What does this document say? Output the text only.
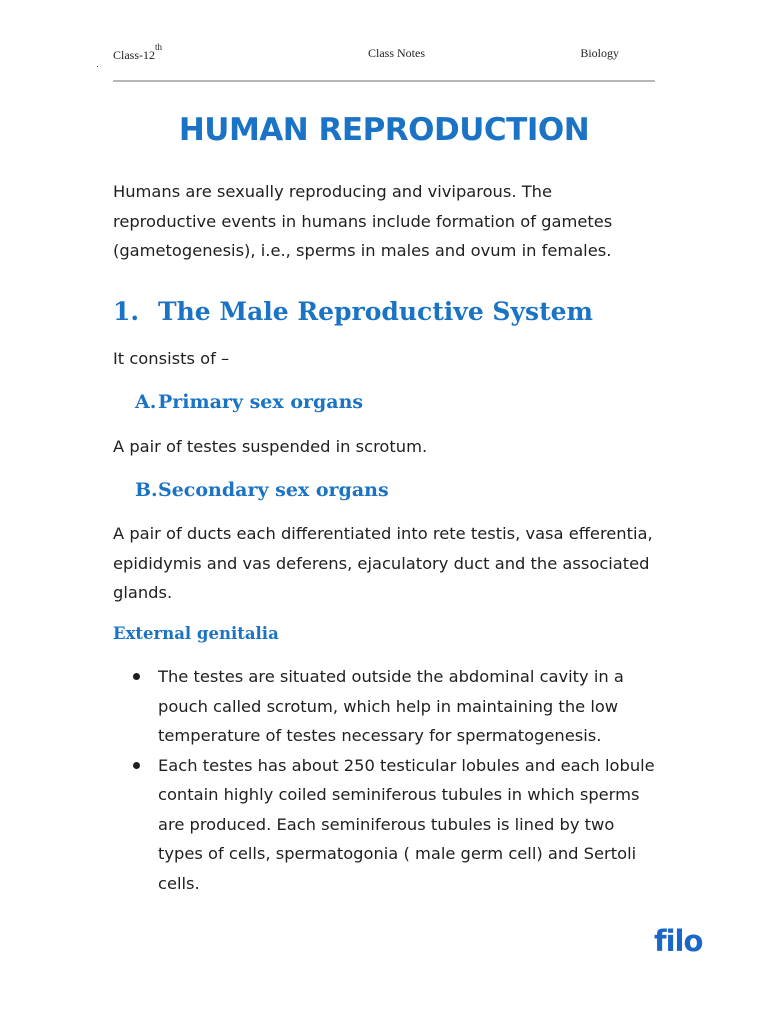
Class-12th	Class Notes	Biology
HUMAN REPRODUCTION
Humans are sexually reproducing and viviparous. The
reproductive events in humans include formation of gametes
(gametogenesis), i.e., sperms in males and ovum in females.
1. The Male Reproductive System
It consists of –
A.Primary sex organs
A pair of testes suspended in scrotum.
B.Secondary sex organs
A pair of ducts each differentiated into rete testis, vasa efferentia,
epididymis and vas deferens, ejaculatory duct and the associated
glands.
External genitalia
The testes are situated outside the abdominal cavity in a
pouch called scrotum, which help in maintaining the low
temperature of testes necessary for spermatogenesis.
Each testes has about 250 testicular lobules and each lobule
contain highly coiled seminiferous tubules in which sperms
are produced. Each seminiferous tubules is lined by two
types of cells, spermatogonia ( male germ cell) and Sertoli
cells.
filo
